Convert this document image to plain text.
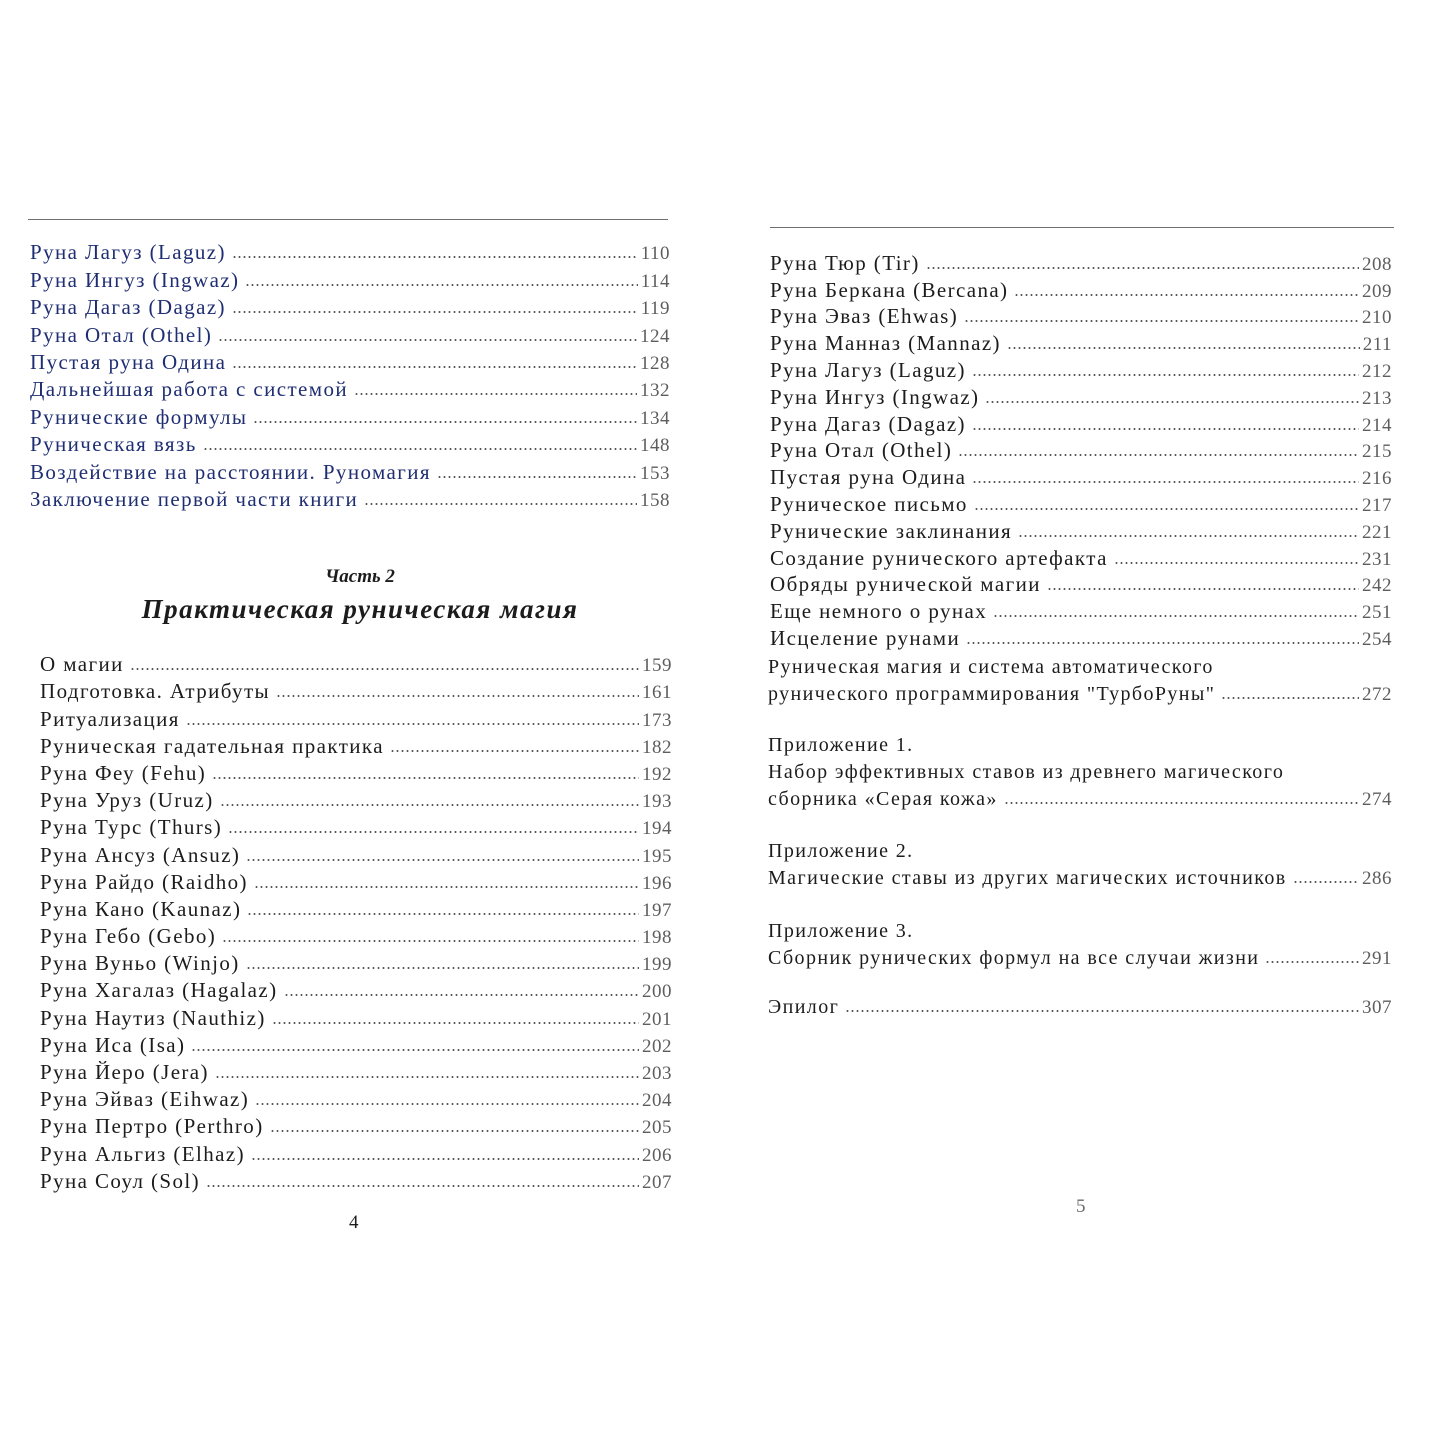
Руна Лагуз (Laguz)	110
Руна Ингуз (Ingwaz)	114
Руна Дагаз (Dagaz)	119
Руна Отал (Othel)	124
Пустая руна Одина	128
Дальнейшая работа с системой	132
Рунические формулы	134
Руническая вязь	148
Воздействие на расстоянии. Руномагия	153
Заключение первой части книги	158
Часть 2
Практическая руническая магия
О магии	159
Подготовка. Атрибуты	161
Ритуализация	173
Руническая гадательная практика	182
Руна Феу (Fehu)	192
Руна Уруз (Uruz)	193
Руна Турс (Thurs)	194
Руна Ансуз (Ansuz)	195
Руна Райдо (Raidho)	196
Руна Кано (Kaunaz)	197
Руна Гебо (Gebo)	198
Руна Вуньо (Winjo)	199
Руна Хагалаз (Hagalaz)	200
Руна Наутиз (Nauthiz)	201
Руна Иса (Isa)	202
Руна Йеро (Jera)	203
Руна Эйваз (Eihwaz)	204
Руна Пертро (Perthro)	205
Руна Альгиз (Elhaz)	206
Руна Соул (Sol)	207
4
Руна Тюр (Tir)	208
Руна Беркана (Bercana)	209
Руна Эваз (Ehwas)	210
Руна Манназ (Mannaz)	211
Руна Лагуз (Laguz)	212
Руна Ингуз (Ingwaz)	213
Руна Дагаз (Dagaz)	214
Руна Отал (Othel)	215
Пустая руна Одина	216
Руническое письмо	217
Рунические заклинания	221
Создание рунического артефакта	231
Обряды рунической магии	242
Еще немного о рунах	251
Исцеление рунами	254
Руническая магия и система автоматического
рунического программирования "ТурбоРуны"	272
Приложение 1.
Набор эффективных ставов из древнего магического
сборника «Серая кожа»	274
Приложение 2.
Магические ставы из других магических источников	286
Приложение 3.
Сборник рунических формул на все случаи жизни	291
Эпилог	307
5
